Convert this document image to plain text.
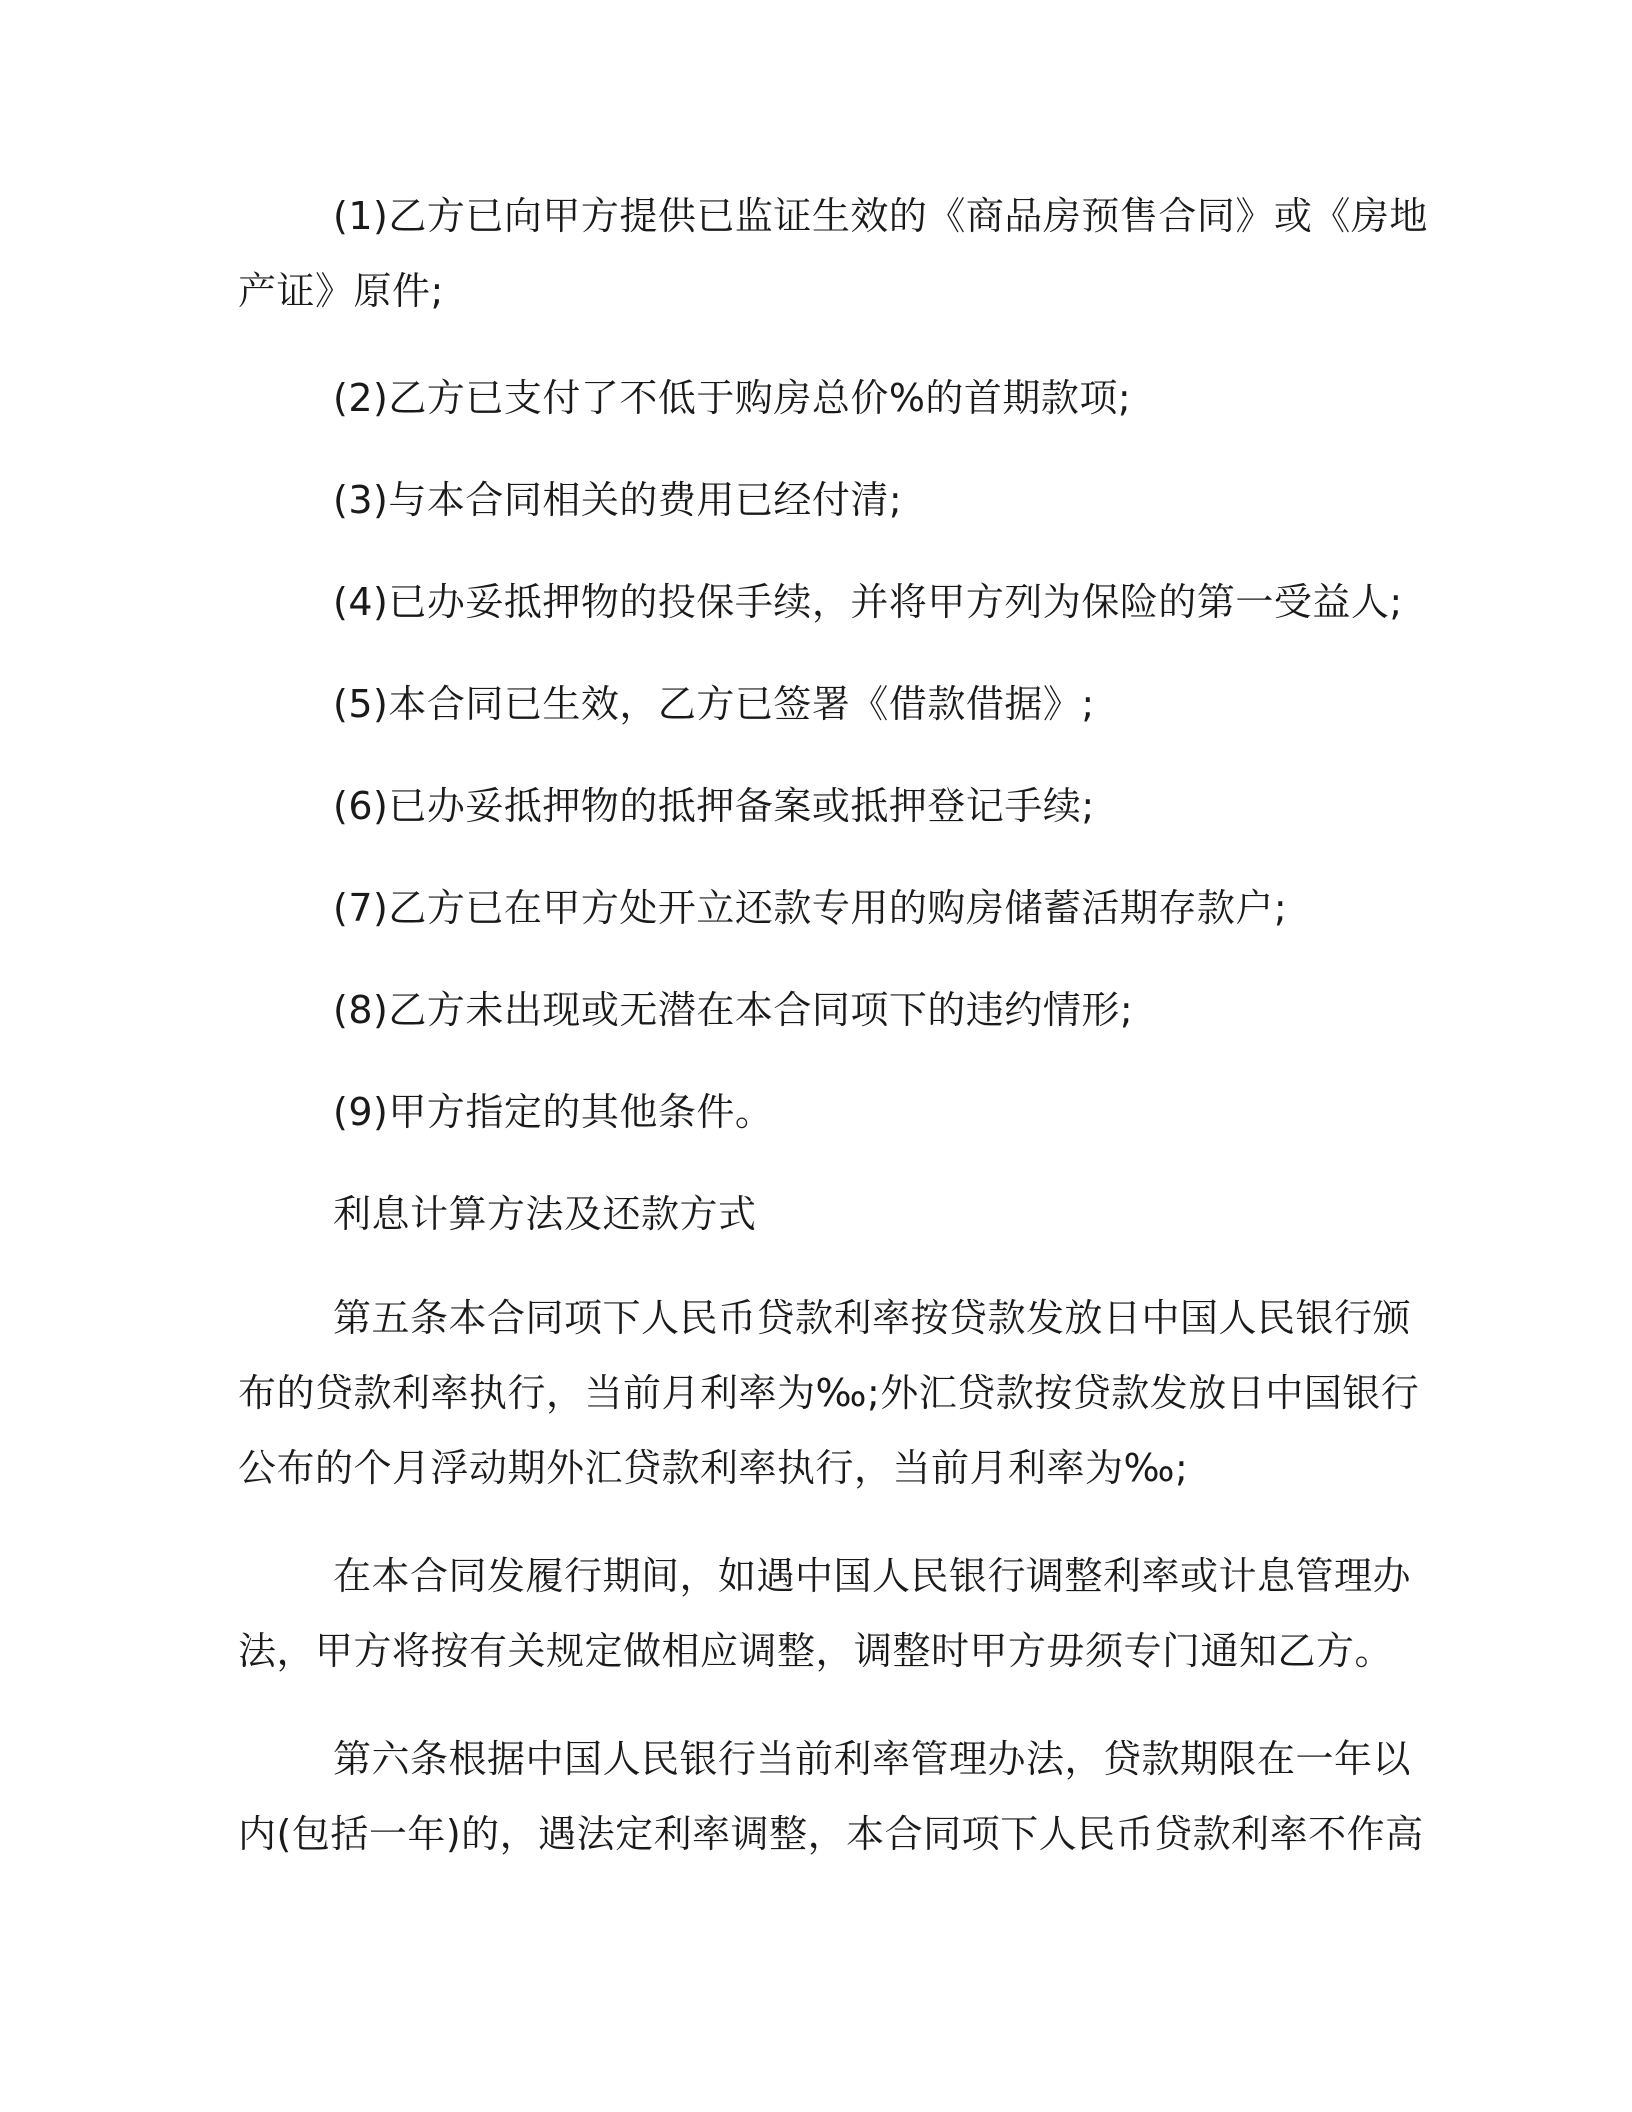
(1)乙方已向甲方提供已监证生效的《商品房预售合同》或《房地
产证》原件;
(2)乙方已支付了不低于购房总价%的首期款项;
(3)与本合同相关的费用已经付清;
(4)已办妥抵押物的投保手续，并将甲方列为保险的第一受益人;
(5)本合同已生效，乙方已签署《借款借据》;
(6)已办妥抵押物的抵押备案或抵押登记手续;
(7)乙方已在甲方处开立还款专用的购房储蓄活期存款户;
(8)乙方未出现或无潜在本合同项下的违约情形;
(9)甲方指定的其他条件。
利息计算方法及还款方式
第五条本合同项下人民币贷款利率按贷款发放日中国人民银行颁
布的贷款利率执行，当前月利率为‰;外汇贷款按贷款发放日中国银行
公布的个月浮动期外汇贷款利率执行，当前月利率为‰;
在本合同发履行期间，如遇中国人民银行调整利率或计息管理办
法，甲方将按有关规定做相应调整，调整时甲方毋须专门通知乙方。
第六条根据中国人民银行当前利率管理办法，贷款期限在一年以
内(包括一年)的，遇法定利率调整，本合同项下人民币贷款利率不作高
